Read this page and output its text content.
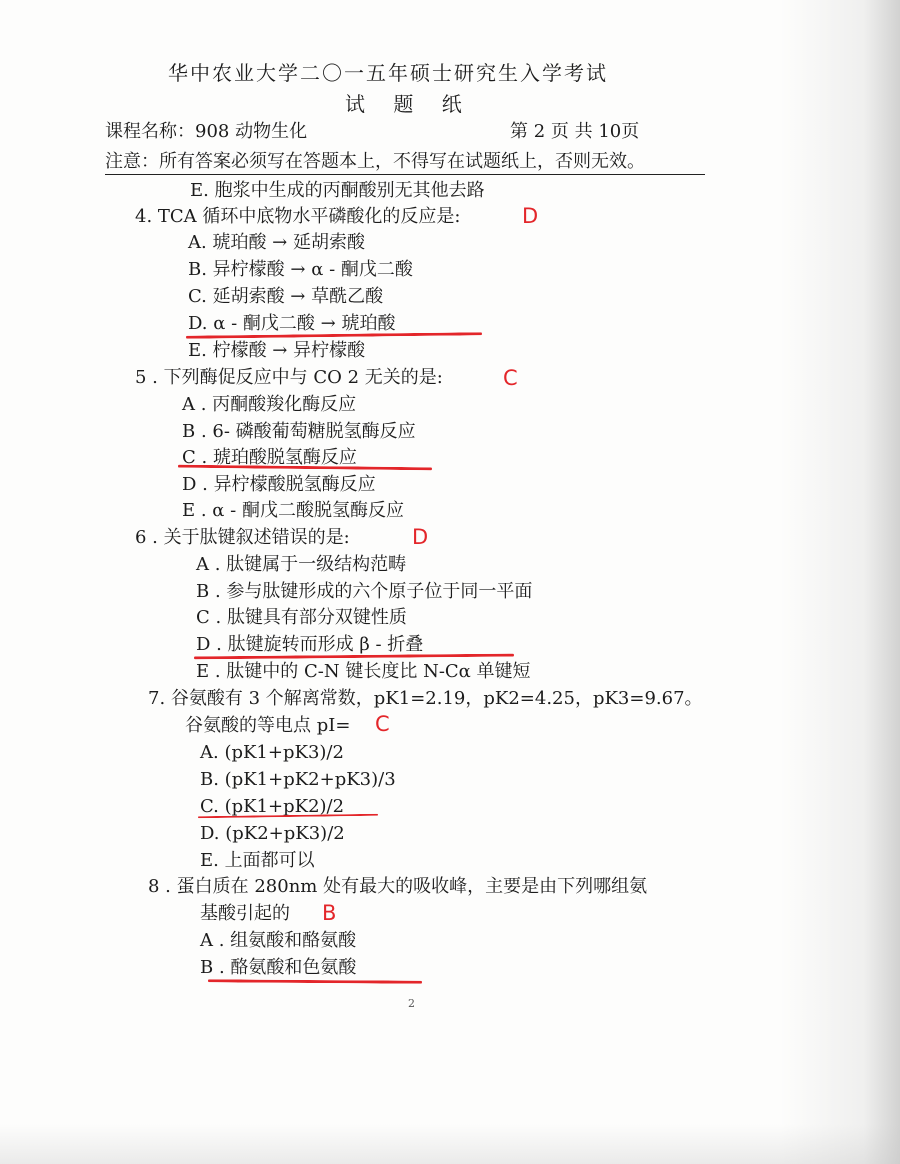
华中农业大学二〇一五年硕士研究生入学考试
试 题 纸
课程名称：908 动物生化	第 2 页 共 10页
注意：所有答案必须写在答题本上，不得写在试题纸上，否则无效。
E. 胞浆中生成的丙酮酸别无其他去路
4. TCA 循环中底物水平磷酸化的反应是:	D
A. 琥珀酸 → 延胡索酸
B. 异柠檬酸 → α - 酮戊二酸
C. 延胡索酸 → 草酰乙酸
D. α - 酮戊二酸 → 琥珀酸
E. 柠檬酸 → 异柠檬酸
5 . 下列酶促反应中与 CO 2 无关的是:	C
A . 丙酮酸羧化酶反应
B . 6- 磷酸葡萄糖脱氢酶反应
C . 琥珀酸脱氢酶反应
D . 异柠檬酸脱氢酶反应
E . α - 酮戊二酸脱氢酶反应
6 . 关于肽键叙述错误的是:	D
A . 肽键属于一级结构范畴
B . 参与肽键形成的六个原子位于同一平面
C . 肽键具有部分双键性质
D . 肽键旋转而形成 β - 折叠
E . 肽键中的 C-N 键长度比 N-Cα 单键短
7. 谷氨酸有 3 个解离常数，pK1=2.19，pK2=4.25，pK3=9.67。
谷氨酸的等电点 pI= C
A. (pK1+pK3)/2
B. (pK1+pK2+pK3)/3
C. (pK1+pK2)/2
D. (pK2+pK3)/2
E. 上面都可以
8 . 蛋白质在 280nm 处有最大的吸收峰，主要是由下列哪组氨
基酸引起的 B
A . 组氨酸和酪氨酸
B . 酪氨酸和色氨酸
2
